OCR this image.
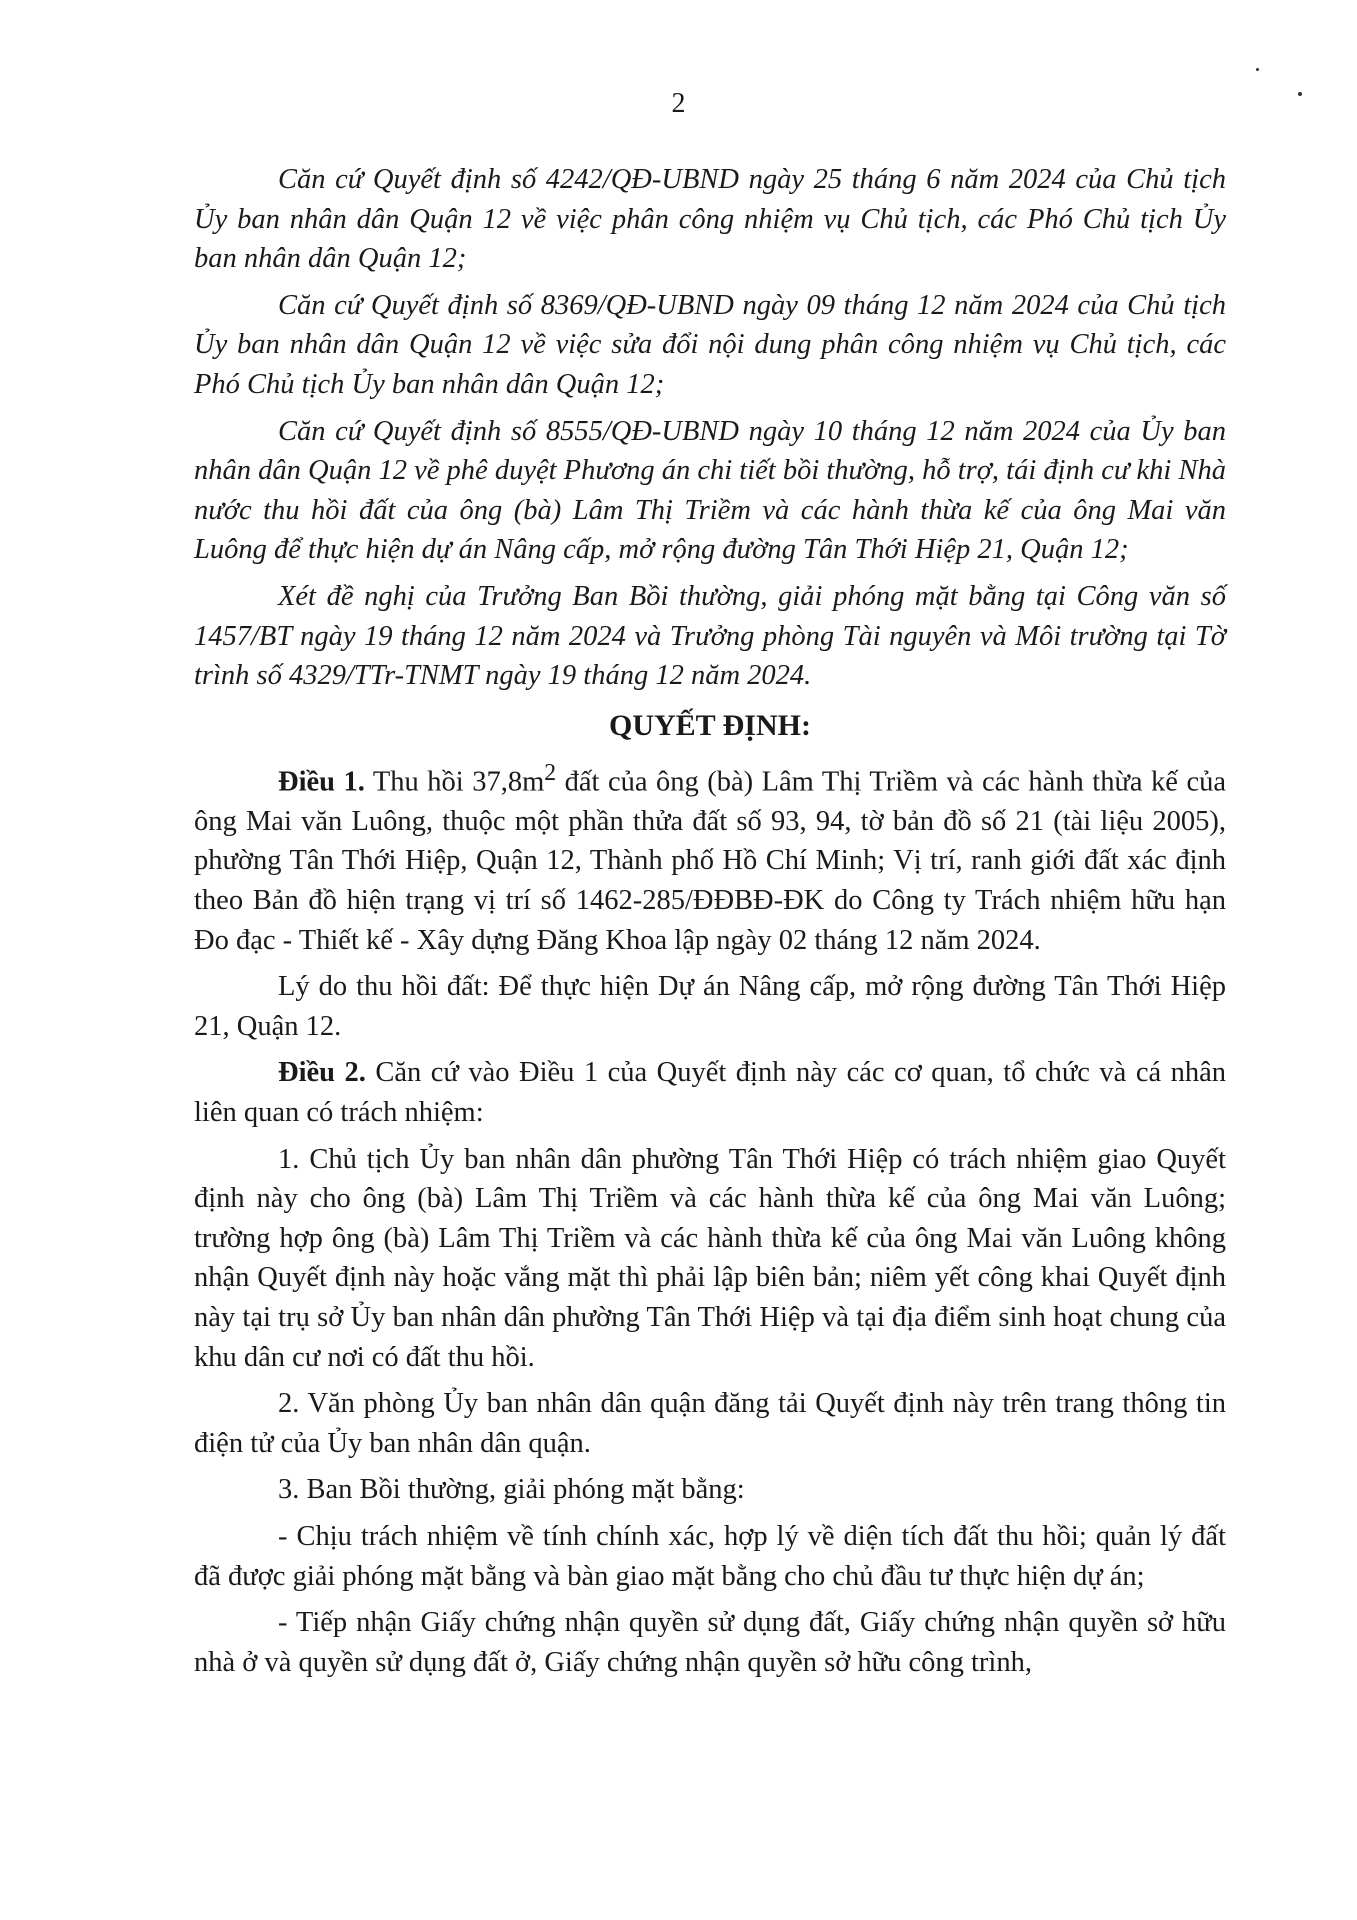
2

Căn cứ Quyết định số 4242/QĐ-UBND ngày 25 tháng 6 năm 2024 của Chủ tịch Ủy ban nhân dân Quận 12 về việc phân công nhiệm vụ Chủ tịch, các Phó Chủ tịch Ủy ban nhân dân Quận 12;

Căn cứ Quyết định số 8369/QĐ-UBND ngày 09 tháng 12 năm 2024 của Chủ tịch Ủy ban nhân dân Quận 12 về việc sửa đổi nội dung phân công nhiệm vụ Chủ tịch, các Phó Chủ tịch Ủy ban nhân dân Quận 12;

Căn cứ Quyết định số 8555/QĐ-UBND ngày 10 tháng 12 năm 2024 của Ủy ban nhân dân Quận 12 về phê duyệt Phương án chi tiết bồi thường, hỗ trợ, tái định cư khi Nhà nước thu hồi đất của ông (bà) Lâm Thị Triềm và các hành thừa kế của ông Mai văn Luông để thực hiện dự án Nâng cấp, mở rộng đường Tân Thới Hiệp 21, Quận 12;

Xét đề nghị của Trưởng Ban Bồi thường, giải phóng mặt bằng tại Công văn số 1457/BT ngày 19 tháng 12 năm 2024 và Trưởng phòng Tài nguyên và Môi trường tại Tờ trình số 4329/TTr-TNMT ngày 19 tháng 12 năm 2024.

QUYẾT ĐỊNH:

Điều 1. Thu hồi $37,8m^2$ đất của ông (bà) Lâm Thị Triềm và các hành thừa kế của ông Mai văn Luông, thuộc một phần thửa đất số 93, 94, tờ bản đồ số 21 (tài liệu 2005), phường Tân Thới Hiệp, Quận 12, Thành phố Hồ Chí Minh; Vị trí, ranh giới đất xác định theo Bản đồ hiện trạng vị trí số 1462-285/ĐĐBĐ-ĐK do Công ty Trách nhiệm hữu hạn Đo đạc - Thiết kế - Xây dựng Đăng Khoa lập ngày 02 tháng 12 năm 2024.

Lý do thu hồi đất: Để thực hiện Dự án Nâng cấp, mở rộng đường Tân Thới Hiệp 21, Quận 12.

Điều 2. Căn cứ vào Điều 1 của Quyết định này các cơ quan, tổ chức và cá nhân liên quan có trách nhiệm:

1. Chủ tịch Ủy ban nhân dân phường Tân Thới Hiệp có trách nhiệm giao Quyết định này cho ông (bà) Lâm Thị Triềm và các hành thừa kế của ông Mai văn Luông; trường hợp ông (bà) Lâm Thị Triềm và các hành thừa kế của ông Mai văn Luông không nhận Quyết định này hoặc vắng mặt thì phải lập biên bản; niêm yết công khai Quyết định này tại trụ sở Ủy ban nhân dân phường Tân Thới Hiệp và tại địa điểm sinh hoạt chung của khu dân cư nơi có đất thu hồi.

2. Văn phòng Ủy ban nhân dân quận đăng tải Quyết định này trên trang thông tin điện tử của Ủy ban nhân dân quận.

3. Ban Bồi thường, giải phóng mặt bằng:

- Chịu trách nhiệm về tính chính xác, hợp lý về diện tích đất thu hồi; quản lý đất đã được giải phóng mặt bằng và bàn giao mặt bằng cho chủ đầu tư thực hiện dự án;

- Tiếp nhận Giấy chứng nhận quyền sử dụng đất, Giấy chứng nhận quyền sở hữu nhà ở và quyền sử dụng đất ở, Giấy chứng nhận quyền sở hữu công trình,
